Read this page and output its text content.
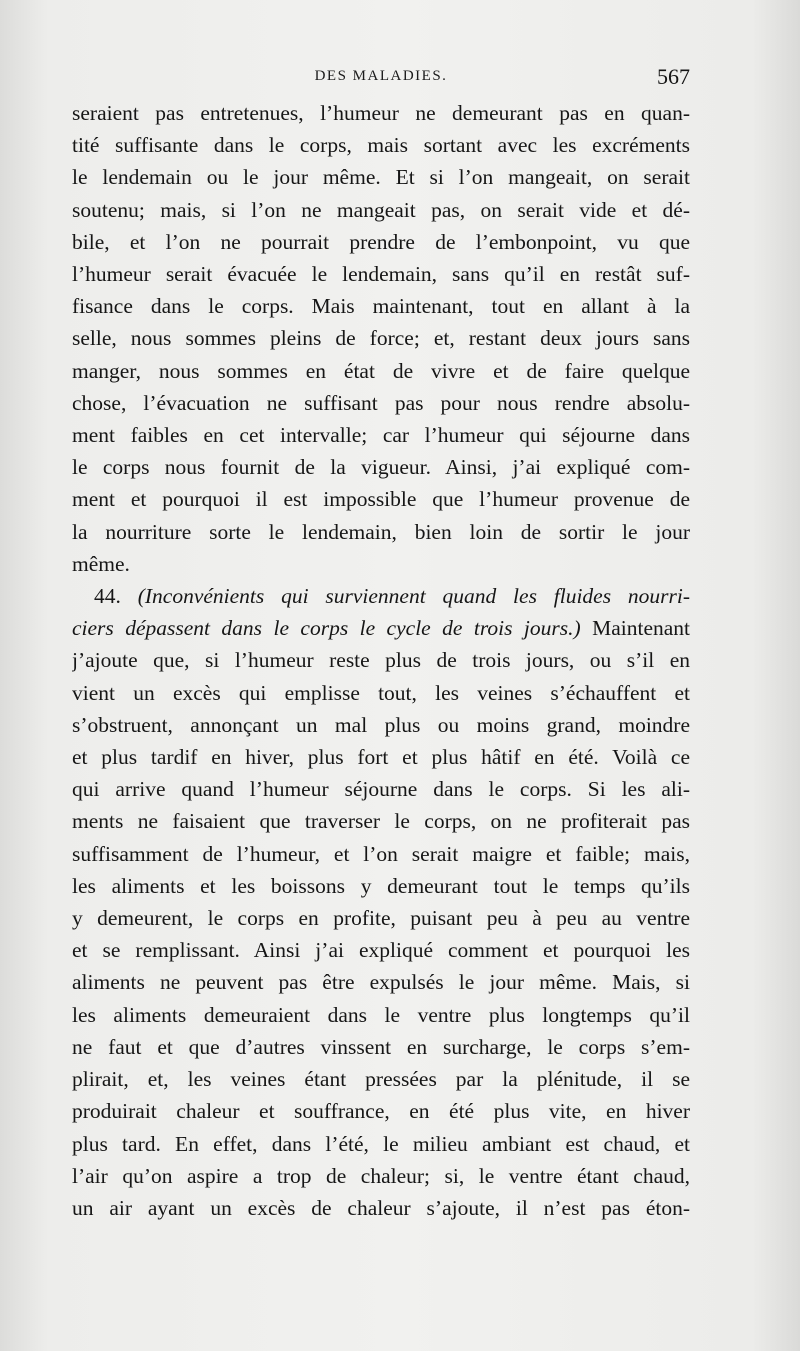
DES MALADIES.	567

seraient pas entretenues, l’humeur ne demeurant pas en quan-
tité suffisante dans le corps, mais sortant avec les excréments
le lendemain ou le jour même. Et si l’on mangeait, on serait
soutenu; mais, si l’on ne mangeait pas, on serait vide et dé-
bile, et l’on ne pourrait prendre de l’embonpoint, vu que
l’humeur serait évacuée le lendemain, sans qu’il en restât suf-
fisance dans le corps. Mais maintenant, tout en allant à la
selle, nous sommes pleins de force; et, restant deux jours sans
manger, nous sommes en état de vivre et de faire quelque
chose, l’évacuation ne suffisant pas pour nous rendre absolu-
ment faibles en cet intervalle; car l’humeur qui séjourne dans
le corps nous fournit de la vigueur. Ainsi, j’ai expliqué com-
ment et pourquoi il est impossible que l’humeur provenue de
la nourriture sorte le lendemain, bien loin de sortir le jour
même.

44. (Inconvénients qui surviennent quand les fluides nourri-
ciers dépassent dans le corps le cycle de trois jours.) Maintenant
j’ajoute que, si l’humeur reste plus de trois jours, ou s’il en
vient un excès qui emplisse tout, les veines s’échauffent et
s’obstruent, annonçant un mal plus ou moins grand, moindre
et plus tardif en hiver, plus fort et plus hâtif en été. Voilà ce
qui arrive quand l’humeur séjourne dans le corps. Si les ali-
ments ne faisaient que traverser le corps, on ne profiterait pas
suffisamment de l’humeur, et l’on serait maigre et faible; mais,
les aliments et les boissons y demeurant tout le temps qu’ils
y demeurent, le corps en profite, puisant peu à peu au ventre
et se remplissant. Ainsi j’ai expliqué comment et pourquoi les
aliments ne peuvent pas être expulsés le jour même. Mais, si
les aliments demeuraient dans le ventre plus longtemps qu’il
ne faut et que d’autres vinssent en surcharge, le corps s’em-
plirait, et, les veines étant pressées par la plénitude, il se
produirait chaleur et souffrance, en été plus vite, en hiver
plus tard. En effet, dans l’été, le milieu ambiant est chaud, et
l’air qu’on aspire a trop de chaleur; si, le ventre étant chaud,
un air ayant un excès de chaleur s’ajoute, il n’est pas éton-
